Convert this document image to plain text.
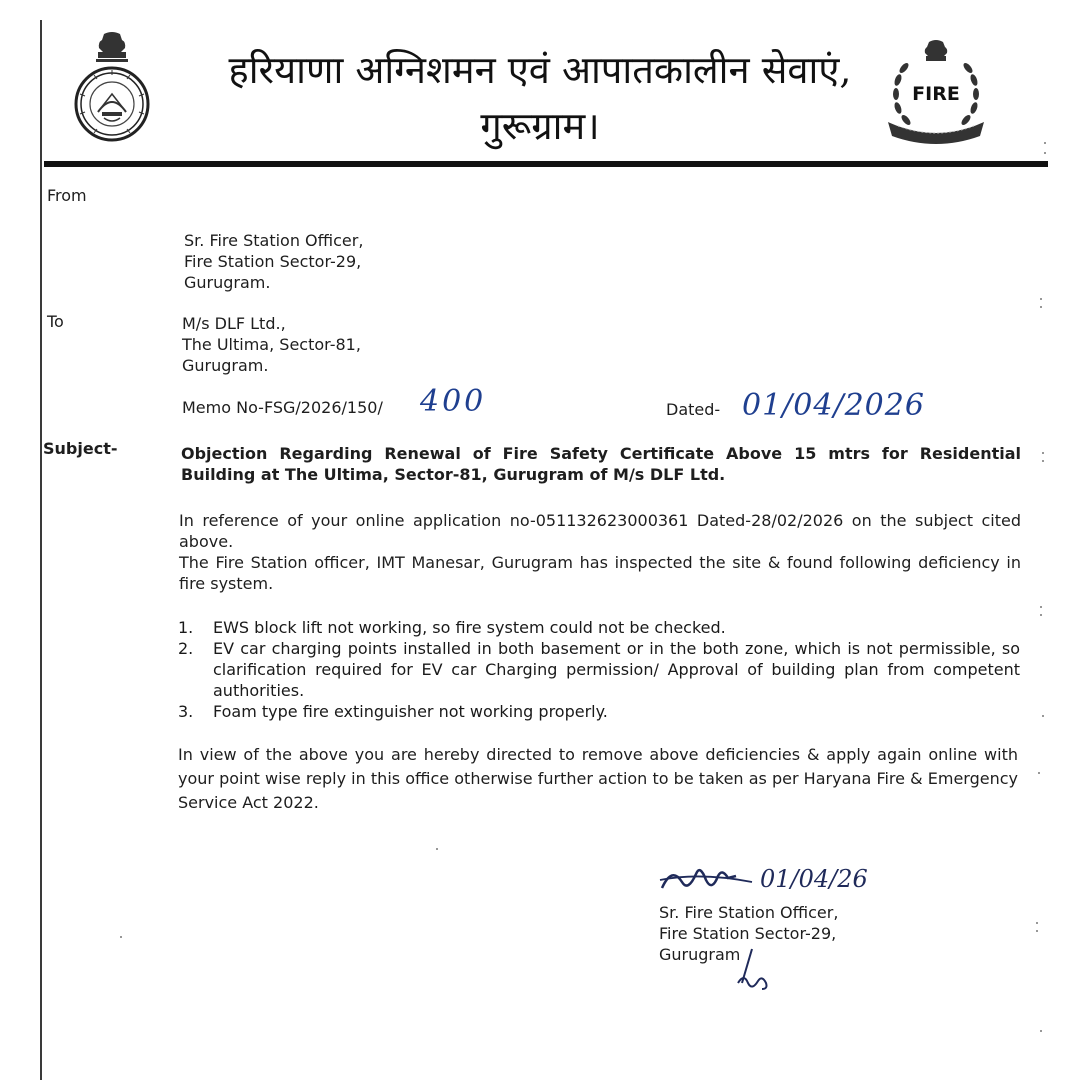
हरियाणा अग्निशमन एवं आपातकालीन सेवाएं,
गुरूग्राम।
FIRE
From
Sr. Fire Station Officer,
Fire Station Sector-29,
Gurugram.
To	M/s DLF Ltd.,
The Ultima, Sector-81,
Gurugram.
Memo No-FSG/2026/150/ 400	Dated- 01/04/2026
Subject-	Objection Regarding Renewal of Fire Safety Certificate Above 15 mtrs for Residential Building at The Ultima, Sector-81, Gurugram of M/s DLF Ltd.
In reference of your online application no-051132623000361 Dated-28/02/2026 on the subject cited above.
The Fire Station officer, IMT Manesar, Gurugram has inspected the site & found following deficiency in fire system.
1. EWS block lift not working, so fire system could not be checked.
2. EV car charging points installed in both basement or in the both zone, which is not permissible, so clarification required for EV car Charging permission/ Approval of building plan from competent authorities.
3. Foam type fire extinguisher not working properly.
In view of the above you are hereby directed to remove above deficiencies & apply again online with your point wise reply in this office otherwise further action to be taken as per Haryana Fire & Emergency Service Act 2022.
01/04/26
Sr. Fire Station Officer,
Fire Station Sector-29,
Gurugram
